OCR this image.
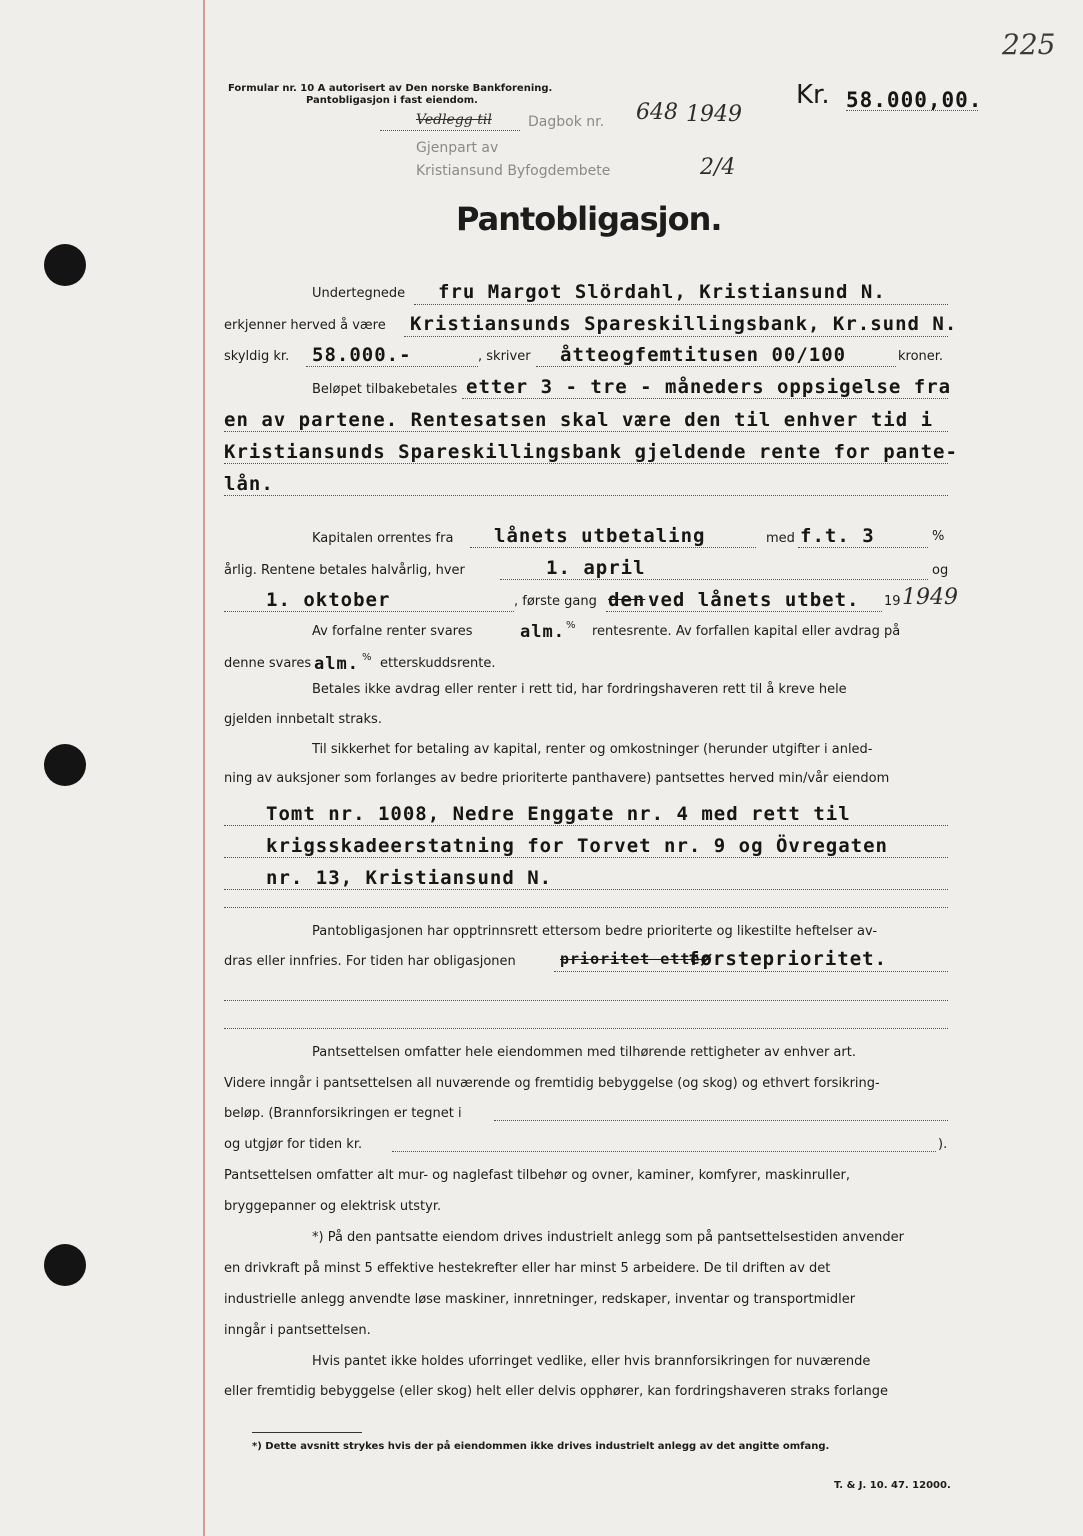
225
Formular nr. 10 A autorisert av Den norske Bankforening.
Pantobligasjon i fast eiendom.
Vedlegg til	Dagbok nr. 648 1949
Gjenpart av
Kristiansund Byfogdembete	2/4
Kr. 58.000,00.
Pantobligasjon.
Undertegnede fru Margot Slördahl, Kristiansund N.
erkjenner herved å være Kristiansunds Spareskillingsbank, Kr.sund N.
skyldig kr. 58.000.-	, skriver åtteogfemtitusen 00/100	kroner.
Beløpet tilbakebetales etter 3 - tre - måneders oppsigelse fra
en av partene. Rentesatsen skal være den til enhver tid i
Kristiansunds Spareskillingsbank gjeldende rente for pante-
lån.
Kapitalen orrentes fra lånets utbetaling	med f.t. 3	%
årlig. Rentene betales halvårlig, hver	1. april	og
1. oktober	, første gang den ved lånets utbet. 19 1949
Av forfalne renter svares	alm. % rentesrente. Av forfallen kapital eller avdrag på
denne svares alm. % etterskuddsrente.
Betales ikke avdrag eller renter i rett tid, har fordringshaveren rett til å kreve hele
gjelden innbetalt straks.
Til sikkerhet for betaling av kapital, renter og omkostninger (herunder utgifter i anled-
ning av auksjoner som forlanges av bedre prioriterte panthavere) pantsettes herved min/vår eiendom
Tomt nr. 1008, Nedre Enggate nr. 4 med rett til
krigsskadeerstatning for Torvet nr. 9 og Övregaten
nr. 13, Kristiansund N.
Pantobligasjonen har opptrinnsrett ettersom bedre prioriterte og likestilte heftelser av-
dras eller innfries. For tiden har obligasjonen	prioritet etter
førsteprioritet.
Pantsettelsen omfatter hele eiendommen med tilhørende rettigheter av enhver art.
Videre inngår i pantsettelsen all nuværende og fremtidig bebyggelse (og skog) og ethvert forsikring-
beløp. (Brannforsikringen er tegnet i
og utgjør for tiden kr.	).
Pantsettelsen omfatter alt mur- og naglefast tilbehør og ovner, kaminer, komfyrer, maskinruller,
bryggepanner og elektrisk utstyr.
*) På den pantsatte eiendom drives industrielt anlegg som på pantsettelsestiden anvender
en drivkraft på minst 5 effektive hestekrefter eller har minst 5 arbeidere. De til driften av det
industrielle anlegg anvendte løse maskiner, innretninger, redskaper, inventar og transportmidler
inngår i pantsettelsen.
Hvis pantet ikke holdes uforringet vedlike, eller hvis brannforsikringen for nuværende
eller fremtidig bebyggelse (eller skog) helt eller delvis opphører, kan fordringshaveren straks forlange
*) Dette avsnitt strykes hvis der på eiendommen ikke drives industrielt anlegg av det angitte omfang.
T. & J. 10. 47. 12000.
